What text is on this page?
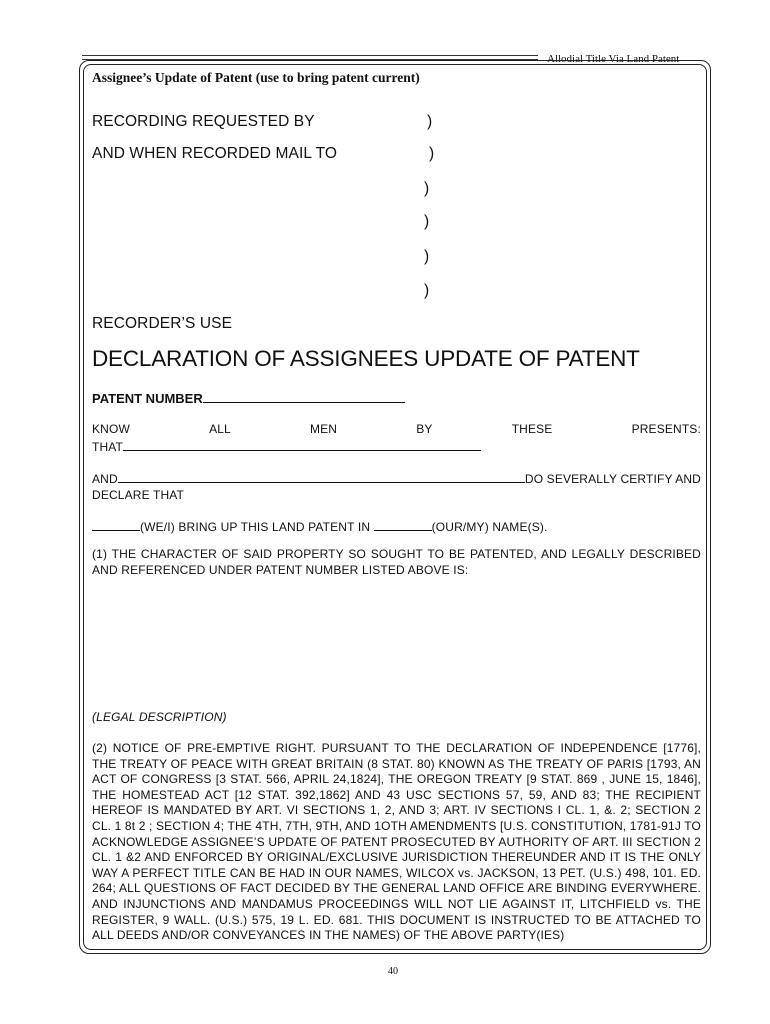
Allodial Title Via Land Patent
Assignee’s Update of Patent (use to bring patent current)
RECORDING REQUESTED BY	)
AND WHEN RECORDED MAIL TO	)
)
)
)
)
RECORDER’S USE
DECLARATION OF ASSIGNEES UPDATE OF PATENT
PATENT NUMBER
KNOW	ALL	MEN	BY	THESE	PRESENTS:
THAT
AND	DO SEVERALLY CERTIFY AND
DECLARE THAT
(WE/I) BRING UP THIS LAND PATENT IN	(OUR/MY) NAME(S).
(1) THE CHARACTER OF SAID PROPERTY SO SOUGHT TO BE PATENTED, AND LEGALLY DESCRIBED AND REFERENCED UNDER PATENT NUMBER LISTED ABOVE IS:
(LEGAL DESCRIPTION)
(2) NOTICE OF PRE-EMPTIVE RIGHT. PURSUANT TO THE DECLARATION OF INDEPENDENCE [1776], THE TREATY OF PEACE WITH GREAT BRITAIN (8 STAT. 80) KNOWN AS THE TREATY OF PARIS [1793, AN ACT OF CONGRESS [3 STAT. 566, APRIL 24,1824], THE OREGON TREATY [9 STAT. 869 , JUNE 15, 1846], THE HOMESTEAD ACT [12 STAT. 392,1862] AND 43 USC SECTIONS 57, 59, AND 83; THE RECIPIENT HEREOF IS MANDATED BY ART. VI SECTIONS 1, 2, AND 3; ART. IV SECTIONS I CL. 1, &. 2; SECTION 2 CL. 1 8t 2 ; SECTION 4; THE 4TH, 7TH, 9TH, AND 1OTH AMENDMENTS [U.S. CONSTITUTION, 1781-91J TO ACKNOWLEDGE ASSIGNEE’S UPDATE OF PATENT PROSECUTED BY AUTHORITY OF ART. III SECTION 2 CL. 1 &2 AND ENFORCED BY ORIGINAL/EXCLUSIVE JURISDICTION THEREUNDER AND IT IS THE ONLY WAY A PERFECT TITLE CAN BE HAD IN OUR NAMES, WILCOX vs. JACKSON, 13 PET. (U.S.) 498, 101. ED. 264; ALL QUESTIONS OF FACT DECIDED BY THE GENERAL LAND OFFICE ARE BINDING EVERYWHERE. AND INJUNCTIONS AND MANDAMUS PROCEEDINGS WILL NOT LIE AGAINST IT, LITCHFIELD vs. THE REGISTER, 9 WALL. (U.S.) 575, 19 L. ED. 681. THIS DOCUMENT IS INSTRUCTED TO BE ATTACHED TO ALL DEEDS AND/OR CONVEYANCES IN THE NAMES) OF THE ABOVE PARTY(IES)
40
